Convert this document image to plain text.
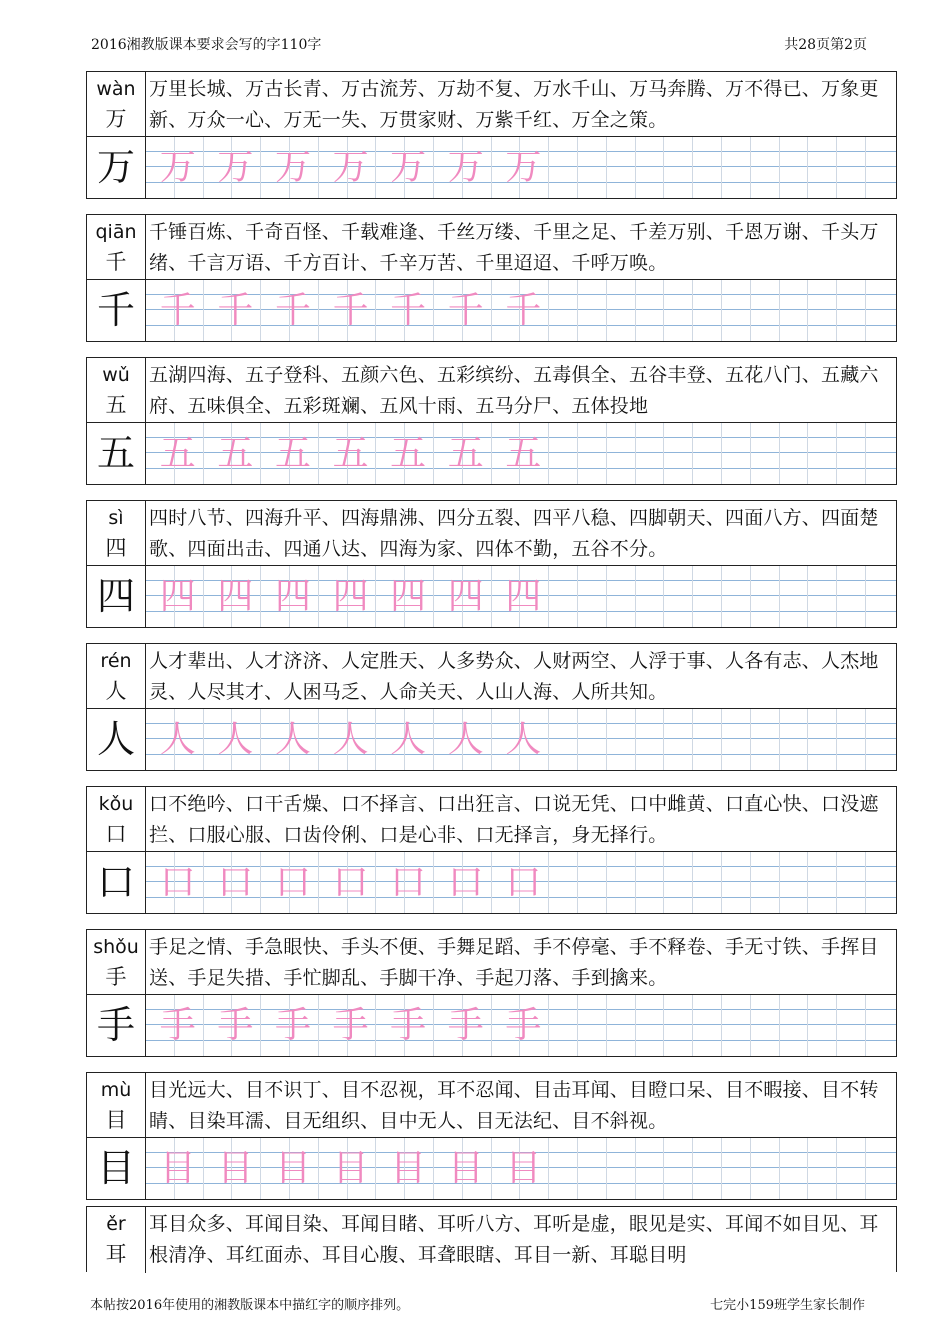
2016湘教版课本要求会写的字110字	共28页第2页
wàn
万
万里长城、万古长青、万古流芳、万劫不复、万水千山、万马奔腾、万不得已、万象更新、万众一心、万无一失、万贯家财、万紫千红、万全之策。
万 万 万 万 万 万 万 万
qiān
千
千锤百炼、千奇百怪、千载难逢、千丝万缕、千里之足、千差万别、千恩万谢、千头万绪、千言万语、千方百计、千辛万苦、千里迢迢、千呼万唤。
千 千 千 千 千 千 千 千
wǔ
五
五湖四海、五子登科、五颜六色、五彩缤纷、五毒俱全、五谷丰登、五花八门、五藏六府、五味俱全、五彩斑斓、五风十雨、五马分尸、五体投地
五 五 五 五 五 五 五 五
sì
四
四时八节、四海升平、四海鼎沸、四分五裂、四平八稳、四脚朝天、四面八方、四面楚歌、四面出击、四通八达、四海为家、四体不勤，五谷不分。
四 四 四 四 四 四 四 四
rén
人
人才辈出、人才济济、人定胜天、人多势众、人财两空、人浮于事、人各有志、人杰地灵、人尽其才、人困马乏、人命关天、人山人海、人所共知。
人 人 人 人 人 人 人 人
kǒu
口
口不绝吟、口干舌燥、口不择言、口出狂言、口说无凭、口中雌黄、口直心快、口没遮拦、口服心服、口齿伶俐、口是心非、口无择言，身无择行。
口 口 口 口 口 口 口 口
shǒu
手
手足之情、手急眼快、手头不便、手舞足蹈、手不停毫、手不释卷、手无寸铁、手挥目送、手足失措、手忙脚乱、手脚干净、手起刀落、手到擒来。
手 手 手 手 手 手 手 手
mù
目
目光远大、目不识丁、目不忍视，耳不忍闻、目击耳闻、目瞪口呆、目不暇接、目不转睛、目染耳濡、目无组织、目中无人、目无法纪、目不斜视。
目 目 目 目 目 目 目 目
ěr
耳
耳目众多、耳闻目染、耳闻目睹、耳听八方、耳听是虚，眼见是实、耳闻不如目见、耳根清净、耳红面赤、耳目心腹、耳聋眼瞎、耳目一新、耳聪目明
本帖按2016年使用的湘教版课本中描红字的顺序排列。	七完小159班学生家长制作
